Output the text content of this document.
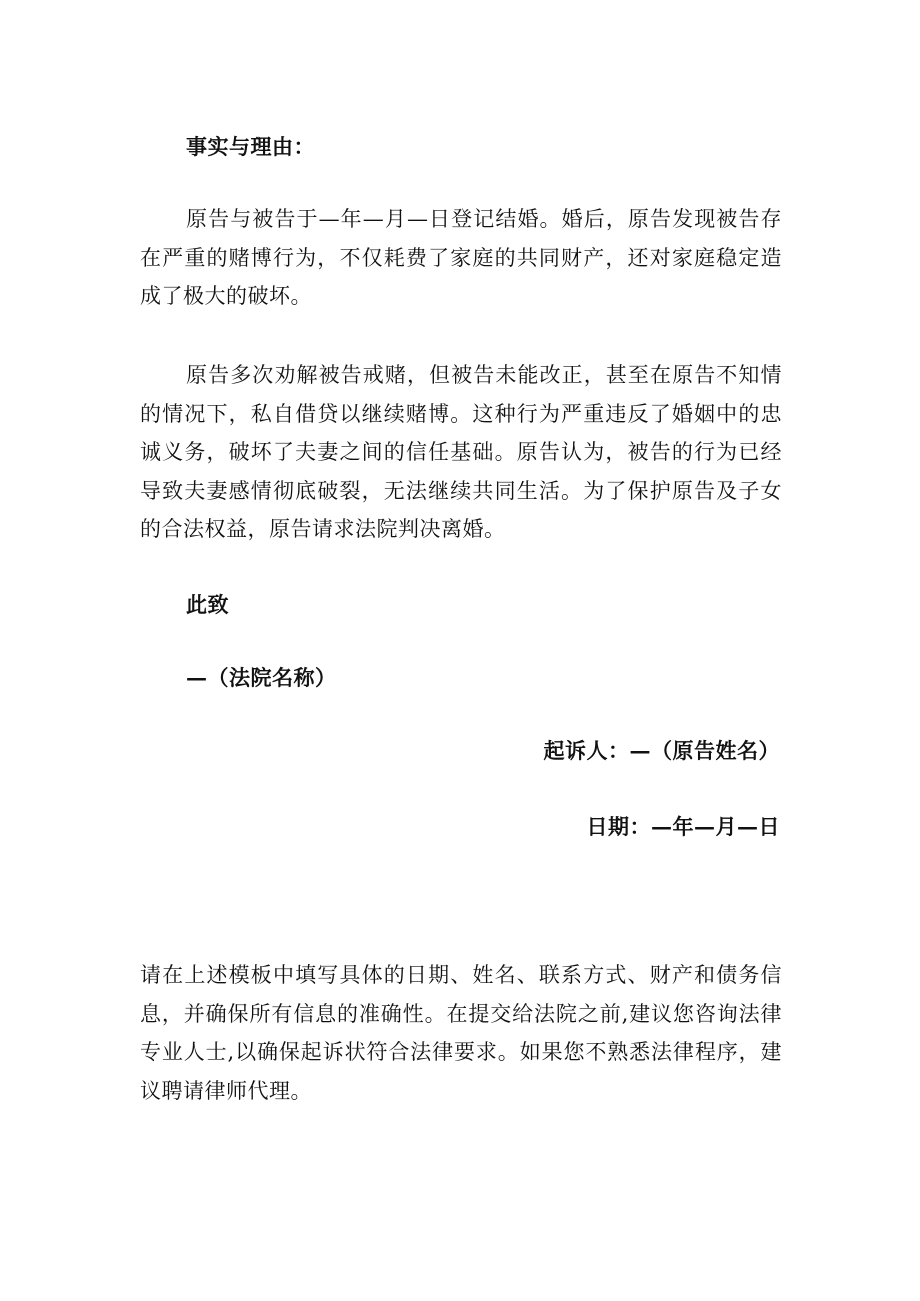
事实与理由：
原告与被告于—年—月—日登记结婚。婚后，原告发现被告存在严重的赌博行为，不仅耗费了家庭的共同财产，还对家庭稳定造成了极大的破坏。
原告多次劝解被告戒赌，但被告未能改正，甚至在原告不知情的情况下，私自借贷以继续赌博。这种行为严重违反了婚姻中的忠诚义务，破坏了夫妻之间的信任基础。原告认为，被告的行为已经导致夫妻感情彻底破裂，无法继续共同生活。为了保护原告及子女的合法权益，原告请求法院判决离婚。
此致
—（法院名称）
起诉人：—（原告姓名）
日期：—年—月—日
请在上述模板中填写具体的日期、姓名、联系方式、财产和债务信息，并确保所有信息的准确性。在提交给法院之前,建议您咨询法律专业人士,以确保起诉状符合法律要求。如果您不熟悉法律程序，建议聘请律师代理。
